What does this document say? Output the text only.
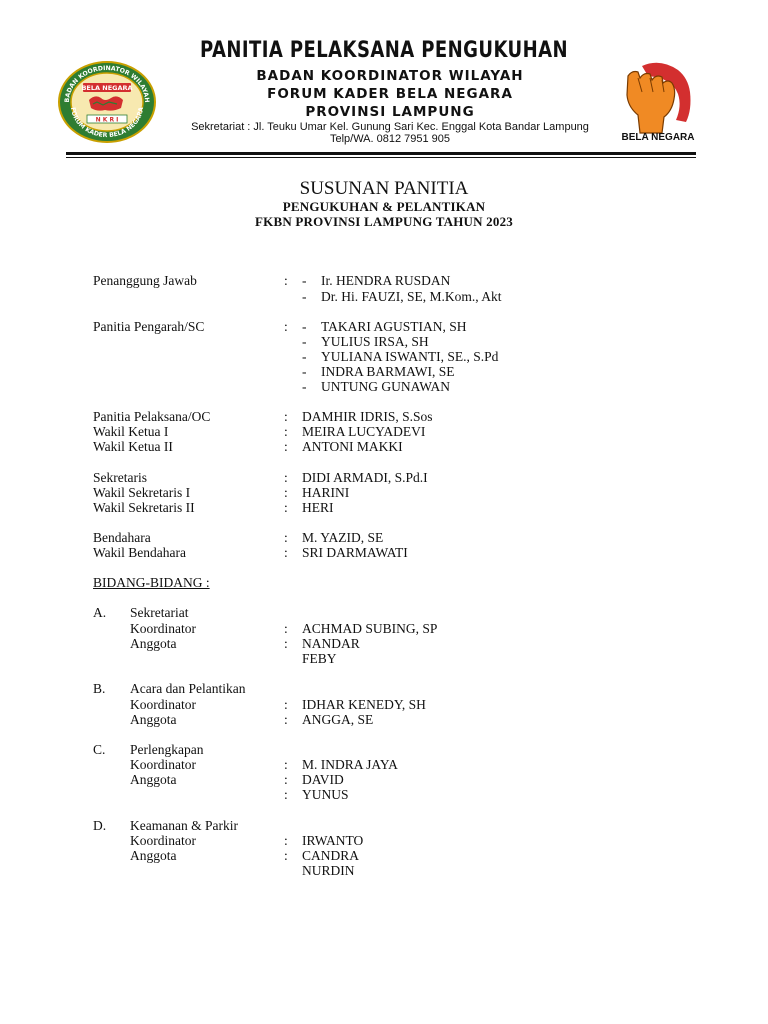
BADAN KOORDINATOR WILAYAH
FORUM KADER BELA NEGARA
BELA NEGARA
N K R I
PANITIA PELAKSANA PENGUKUHAN
BADAN KOORDINATOR WILAYAH
FORUM KADER BELA NEGARA
PROVINSI LAMPUNG
Sekretariat : Jl. Teuku Umar Kel. Gunung Sari Kec. Enggal Kota Bandar Lampung
Telp/WA. 0812 7951 905	BELA NEGARA
SUSUNAN PANITIA
PENGUKUHAN & PELANTIKAN
FKBN PROVINSI LAMPUNG TAHUN 2023
Penanggung Jawab	: - Ir. HENDRA RUSDAN
- Dr. Hi. FAUZI, SE, M.Kom., Akt
Panitia Pengarah/SC	: - TAKARI AGUSTIAN, SH
- YULIUS IRSA, SH
- YULIANA ISWANTI, SE., S.Pd
- INDRA BARMAWI, SE
- UNTUNG GUNAWAN
Panitia Pelaksana/OC	: DAMHIR IDRIS, S.Sos
Wakil Ketua I	: MEIRA LUCYADEVI
Wakil Ketua II	: ANTONI MAKKI
Sekretaris	: DIDI ARMADI, S.Pd.I
Wakil Sekretaris I	: HARINI
Wakil Sekretaris II	: HERI
Bendahara	: M. YAZID, SE
Wakil Bendahara	: SRI DARMAWATI
BIDANG-BIDANG :
A. Sekretariat
Koordinator	: ACHMAD SUBING, SP
Anggota	: NANDAR
FEBY
B. Acara dan Pelantikan
Koordinator	: IDHAR KENEDY, SH
Anggota	: ANGGA, SE
C. Perlengkapan
Koordinator	: M. INDRA JAYA
Anggota	: DAVID
: YUNUS
D. Keamanan & Parkir
Koordinator	: IRWANTO
Anggota	: CANDRA
NURDIN
